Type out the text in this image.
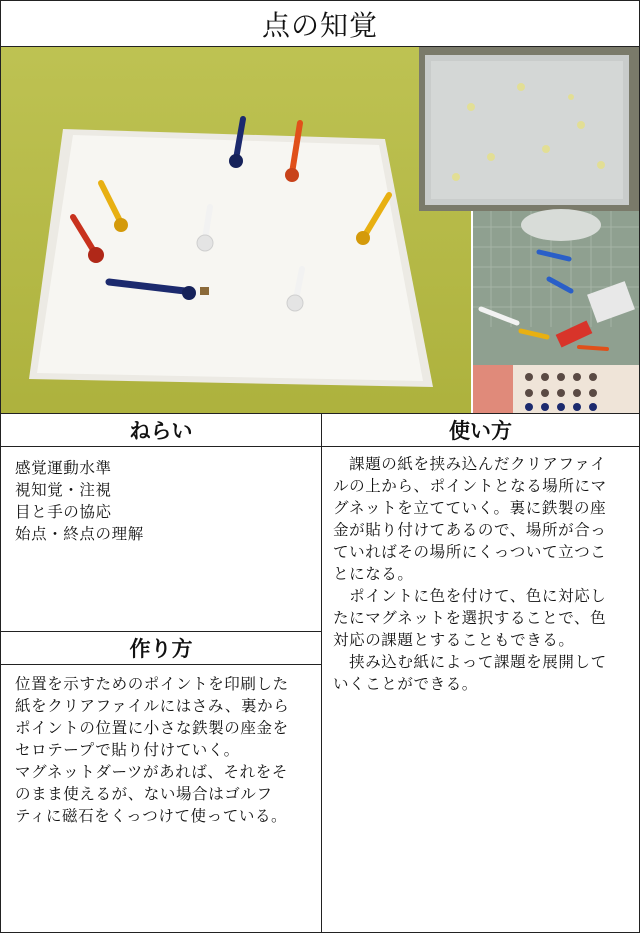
点の知覚
ねらい
感覚運動水準
視知覚・注視
目と手の協応
始点・終点の理解
作り方
位置を示すためのポイントを印刷した
紙をクリアファイルにはさみ、裏から
ポイントの位置に小さな鉄製の座金を
セロテープで貼り付けていく。
マグネットダーツがあれば、それをそ
のまま使えるが、ない場合はゴルフ
ティに磁石をくっつけて使っている。
使い方
　課題の紙を挟み込んだクリアファイ
ルの上から、ポイントとなる場所にマ
グネットを立てていく。裏に鉄製の座
金が貼り付けてあるので、場所が合っ
ていればその場所にくっついて立つこ
とになる。
　ポイントに色を付けて、色に対応し
たにマグネットを選択することで、色
対応の課題とすることもできる。
　挟み込む紙によって課題を展開して
いくことができる。
